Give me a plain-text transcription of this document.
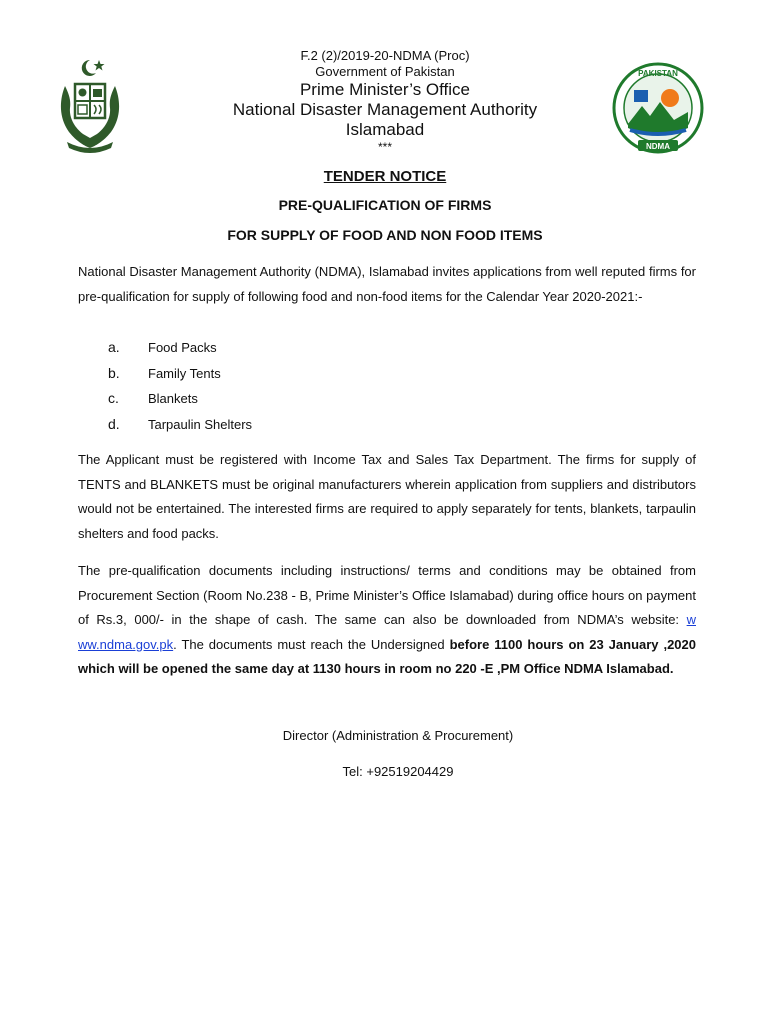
PAKISTAN
NDMA
F.2 (2)/2019-20-NDMA (Proc)
Government of Pakistan
Prime Minister’s Office
National Disaster Management Authority
Islamabad
***
TENDER NOTICE
PRE-QUALIFICATION OF FIRMS
FOR SUPPLY OF FOOD AND NON FOOD ITEMS
National Disaster Management Authority (NDMA), Islamabad invites applications from well reputed firms for pre-qualification for supply of following food and non-food items for the Calendar Year 2020-2021:-
a.	Food Packs
b.	Family Tents
c.	Blankets
d.	Tarpaulin Shelters
The Applicant must be registered with Income Tax and Sales Tax Department. The firms for supply of TENTS and BLANKETS must be original manufacturers wherein application from suppliers and distributors would not be entertained. The interested firms are required to apply separately for tents, blankets, tarpaulin shelters and food packs.
The pre-qualification documents including instructions/ terms and conditions may be obtained from Procurement Section (Room No.238 - B, Prime Minister’s Office Islamabad) during office hours on payment of Rs.3, 000/- in the shape of cash. The same can also be downloaded from NDMA’s website: w ww.ndma.gov.pk. The documents must reach the Undersigned before 1100 hours on 23 January ,2020 which will be opened the same day at 1130 hours in room no 220 -E ,PM Office NDMA Islamabad.
Director (Administration & Procurement)
Tel: +92519204429
